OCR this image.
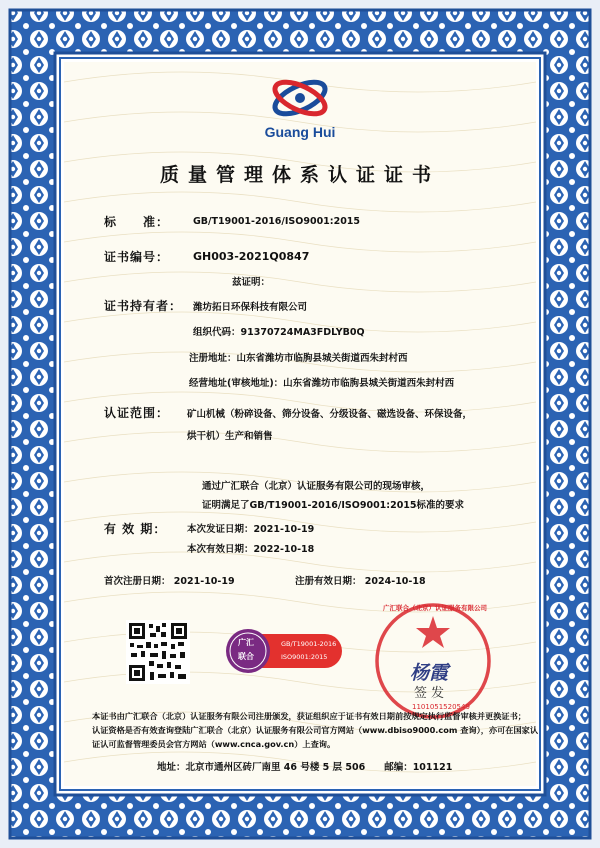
Guang Hui
质量管理体系认证证书
标　　准：	GB/T19001-2016/ISO9001:2015
证书编号： GH003-2021Q0847
兹证明：
证书持有者： 潍坊拓日环保科技有限公司
组织代码：91370724MA3FDLYB0Q
注册地址：山东省潍坊市临朐县城关街道西朱封村西
经营地址(审核地址)：山东省潍坊市临朐县城关街道西朱封村西
认证范围： 矿山机械（粉碎设备、筛分设备、分级设备、磁选设备、环保设备，
烘干机）生产和销售
通过广汇联合（北京）认证服务有限公司的现场审核，
证明满足了GB/T19001-2016/ISO9001:2015标准的要求
有 效 期： 本次发证日期：2021-10-19
本次有效日期：2022-10-18
首次注册日期： 2021-10-19	注册有效日期： 2024-10-18
广汇
联合
GB/T19001-2016
ISO9001:2015
广汇联合（北京）认证服务有限公司
杨霞
签发
1101051520549
本证书由广汇联合（北京）认证服务有限公司注册颁发，获证组织应于证书有效日期前按规定执行监督审核并更换证书；
认证资格是否有效查询登陆广汇联合（北京）认证服务有限公司官方网站（www.dbiso9000.com 查询），亦可在国家认
证认可监督管理委员会官方网站（www.cnca.gov.cn）上查询。
地址：北京市通州区砖厂南里 46 号楼 5 层 506　　邮编：101121
